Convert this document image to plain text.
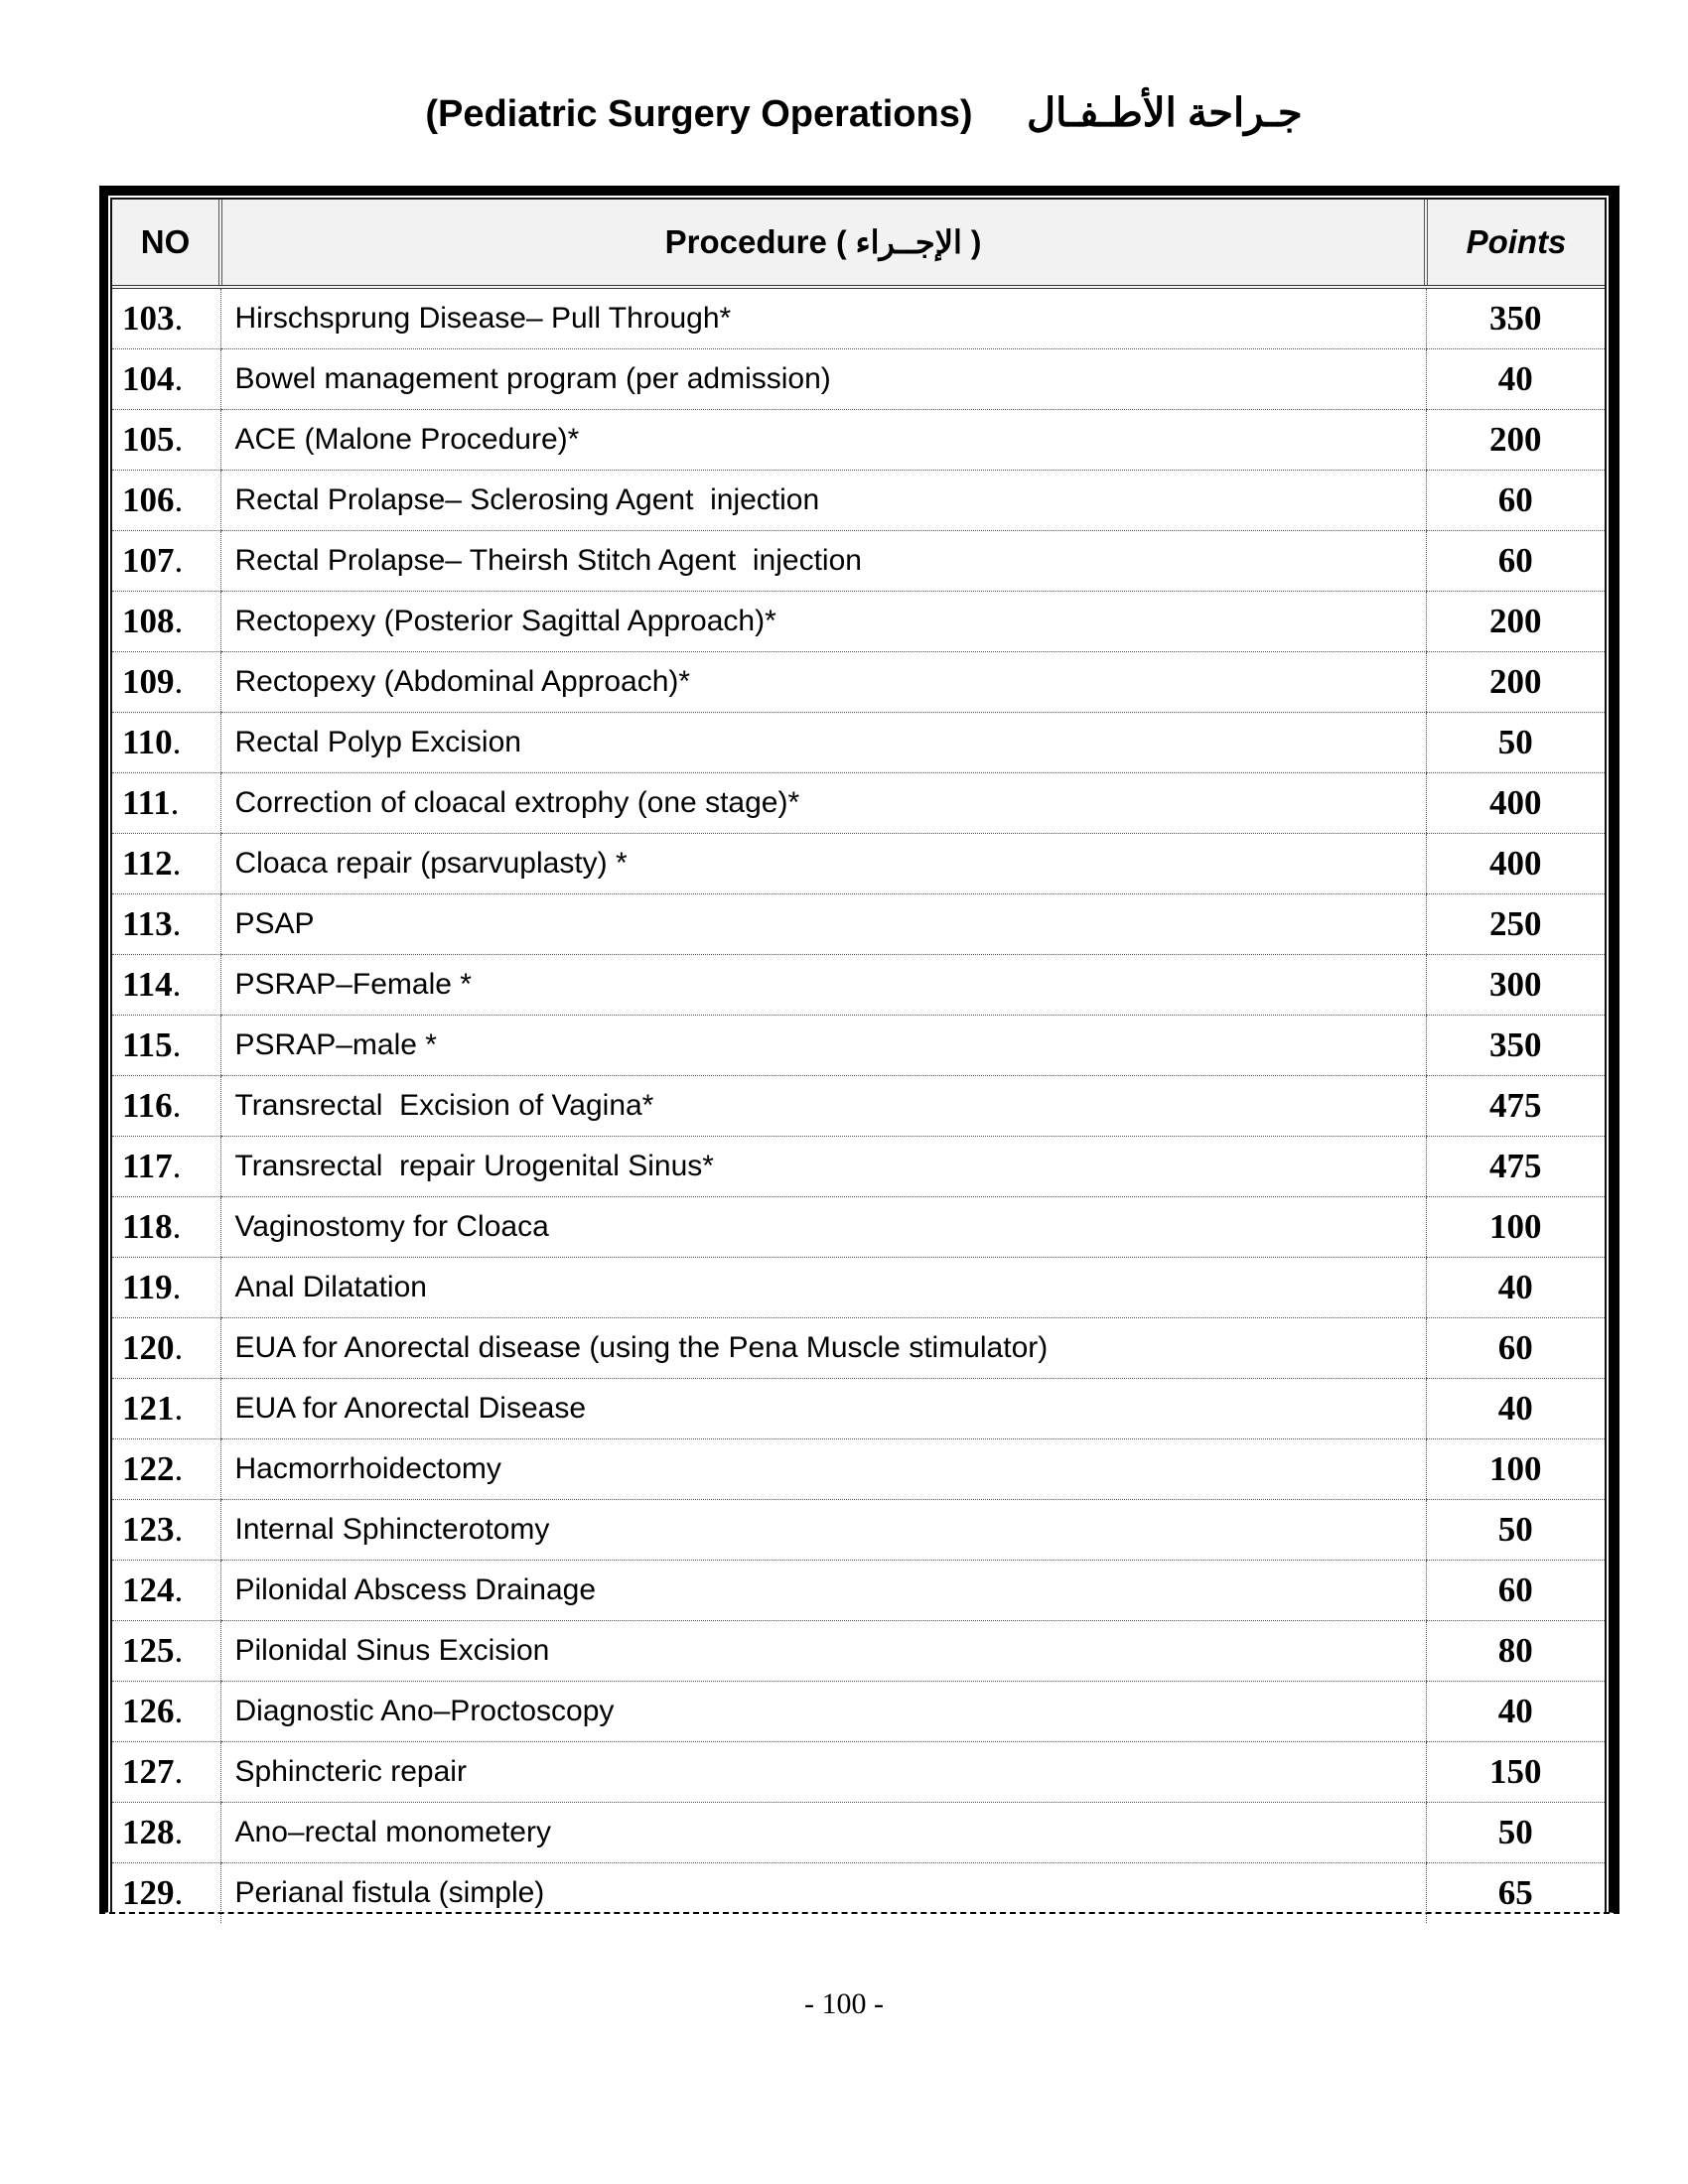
(Pediatric Surgery Operations) جـراحة الأطـفـال
NO	Procedure ( الإجــراء )	Points
103.	Hirschsprung Disease– Pull Through*	350
104.	Bowel management program (per admission)	40
105.	ACE (Malone Procedure)*	200
106.	Rectal Prolapse– Sclerosing Agent  injection	60
107.	Rectal Prolapse– Theirsh Stitch Agent  injection	60
108.	Rectopexy (Posterior Sagittal Approach)*	200
109.	Rectopexy (Abdominal Approach)*	200
110.	Rectal Polyp Excision	50
111.	Correction of cloacal extrophy (one stage)*	400
112.	Cloaca repair (psarvuplasty) *	400
113.	PSAP	250
114.	PSRAP–Female *	300
115.	PSRAP–male *	350
116.	Transrectal  Excision of Vagina*	475
117.	Transrectal  repair Urogenital Sinus*	475
118.	Vaginostomy for Cloaca	100
119.	Anal Dilatation	40
120.	EUA for Anorectal disease (using the Pena Muscle stimulator)	60
121.	EUA for Anorectal Disease	40
122.	Hacmorrhoidectomy	100
123.	Internal Sphincterotomy	50
124.	Pilonidal Abscess Drainage	60
125.	Pilonidal Sinus Excision	80
126.	Diagnostic Ano–Proctoscopy	40
127.	Sphincteric repair	150
128.	Ano–rectal monometery	50
129.	Perianal fistula (simple)	65
- 100 -
